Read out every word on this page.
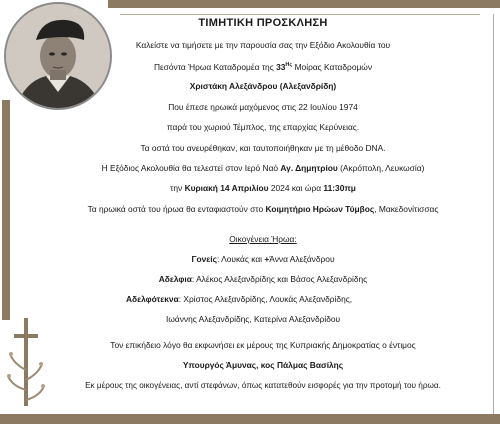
ΤΙΜΗΤΙΚΗ ΠΡΟΣΚΛΗΣΗ
Καλείστε να τιμήσετε με την παρουσία σας την Εξόδιο Ακολουθία του
Πεσόντα Ήρωα Καταδρομέα της $33^{H\varsigma}$ Μοίρας Καταδρομών
Χριστάκη Αλεξάνδρου (Αλεξανδρίδη)
Που έπεσε ηρωικά μαχόμενος στις 22 Ιουλίου 1974
παρά του χωριού Τέμπλος, της επαρχίας Κερύνειας.
Τα οστά του ανευρέθηκαν, και ταυτοποιήθηκαν με τη μέθοδο DNA.
Η Εξόδιος Ακολουθία θα τελεστεί στον Ιερό Ναό Αγ. Δημητρίου (Ακρόπολη, Λευκωσία)
την Κυριακή 14 Απριλίου 2024 και ώρα 11:30πμ
Τα ηρωικά οστά του ήρωα θα ενταφιαστούν στο Κοιμητήριο Ηρώων Τύμβος, Μακεδονίτισσας
Οικογένεια Ήρωα:
Γονείς: Λουκάς και +Άννα Αλεξάνδρου
Αδελφια: Αλέκος Αλεξανδρίδης και Βάσος Αλεξανδρίδης
Αδελφότεκνα: Χρίστος Αλεξανδρίδης, Λουκάς Αλεξανδρίδης,
Ιωάννης Αλεξανδρίδης, Κατερίνα Αλεξανδρίδου
Τον επικήδειο λόγο θα εκφωνήσει εκ μέρους της Κυπριακής Δημοκρατίας ο έντιμος
Υπουργός Άμυνας, κος Πάλμας Βασίλης
Εκ μέρους της οικογένειας, αντί στεφάνων, όπως κατατεθούν εισφορές για την προτομή του ήρωα.
